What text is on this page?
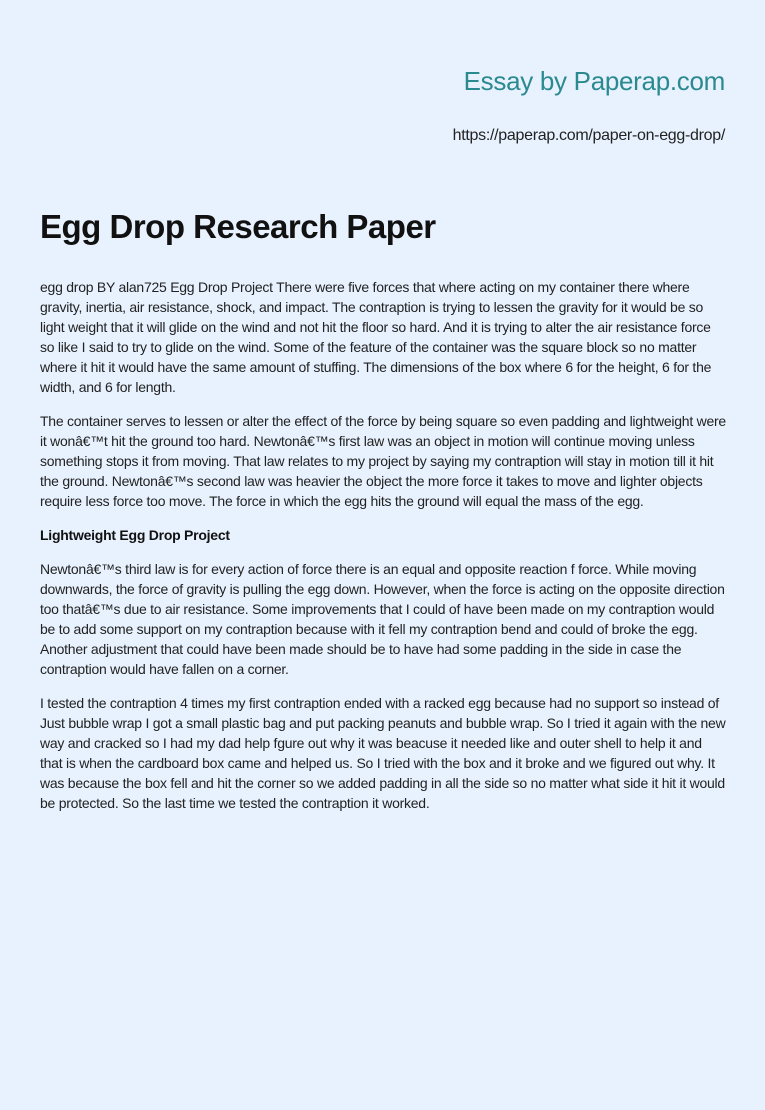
Essay by Paperap.com
https://paperap.com/paper-on-egg-drop/
Egg Drop Research Paper

egg drop BY alan725 Egg Drop Project There were five forces that where acting on my container there where gravity, inertia, air resistance, shock, and impact. The contraption is trying to lessen the gravity for it would be so light weight that it will glide on the wind and not hit the floor so hard. And it is trying to alter the air resistance force so like I said to try to glide on the wind. Some of the feature of the container was the square block so no matter where it hit it would have the same amount of stuffing. The dimensions of the box where 6 for the height, 6 for the width, and 6 for length.

The container serves to lessen or alter the effect of the force by being square so even padding and lightweight were it wonâ€™t hit the ground too hard. Newtonâ€™s first law was an object in motion will continue moving unless something stops it from moving. That law relates to my project by saying my contraption will stay in motion till it hit the ground. Newtonâ€™s second law was heavier the object the more force it takes to move and lighter objects require less force too move. The force in which the egg hits the ground will equal the mass of the egg.

Lightweight Egg Drop Project

Newtonâ€™s third law is for every action of force there is an equal and opposite reaction f force. While moving downwards, the force of gravity is pulling the egg down. However, when the force is acting on the opposite direction too thatâ€™s due to air resistance. Some improvements that I could of have been made on my contraption would be to add some support on my contraption because with it fell my contraption bend and could of broke the egg. Another adjustment that could have been made should be to have had some padding in the side in case the contraption would have fallen on a corner.

I tested the contraption 4 times my first contraption ended with a racked egg because had no support so instead of Just bubble wrap I got a small plastic bag and put packing peanuts and bubble wrap. So I tried it again with the new way and cracked so I had my dad help fgure out why it was beacuse it needed like and outer shell to help it and that is when the cardboard box came and helped us. So I tried with the box and it broke and we figured out why. It was because the box fell and hit the corner so we added padding in all the side so no matter what side it hit it would be protected. So the last time we tested the contraption it worked.
